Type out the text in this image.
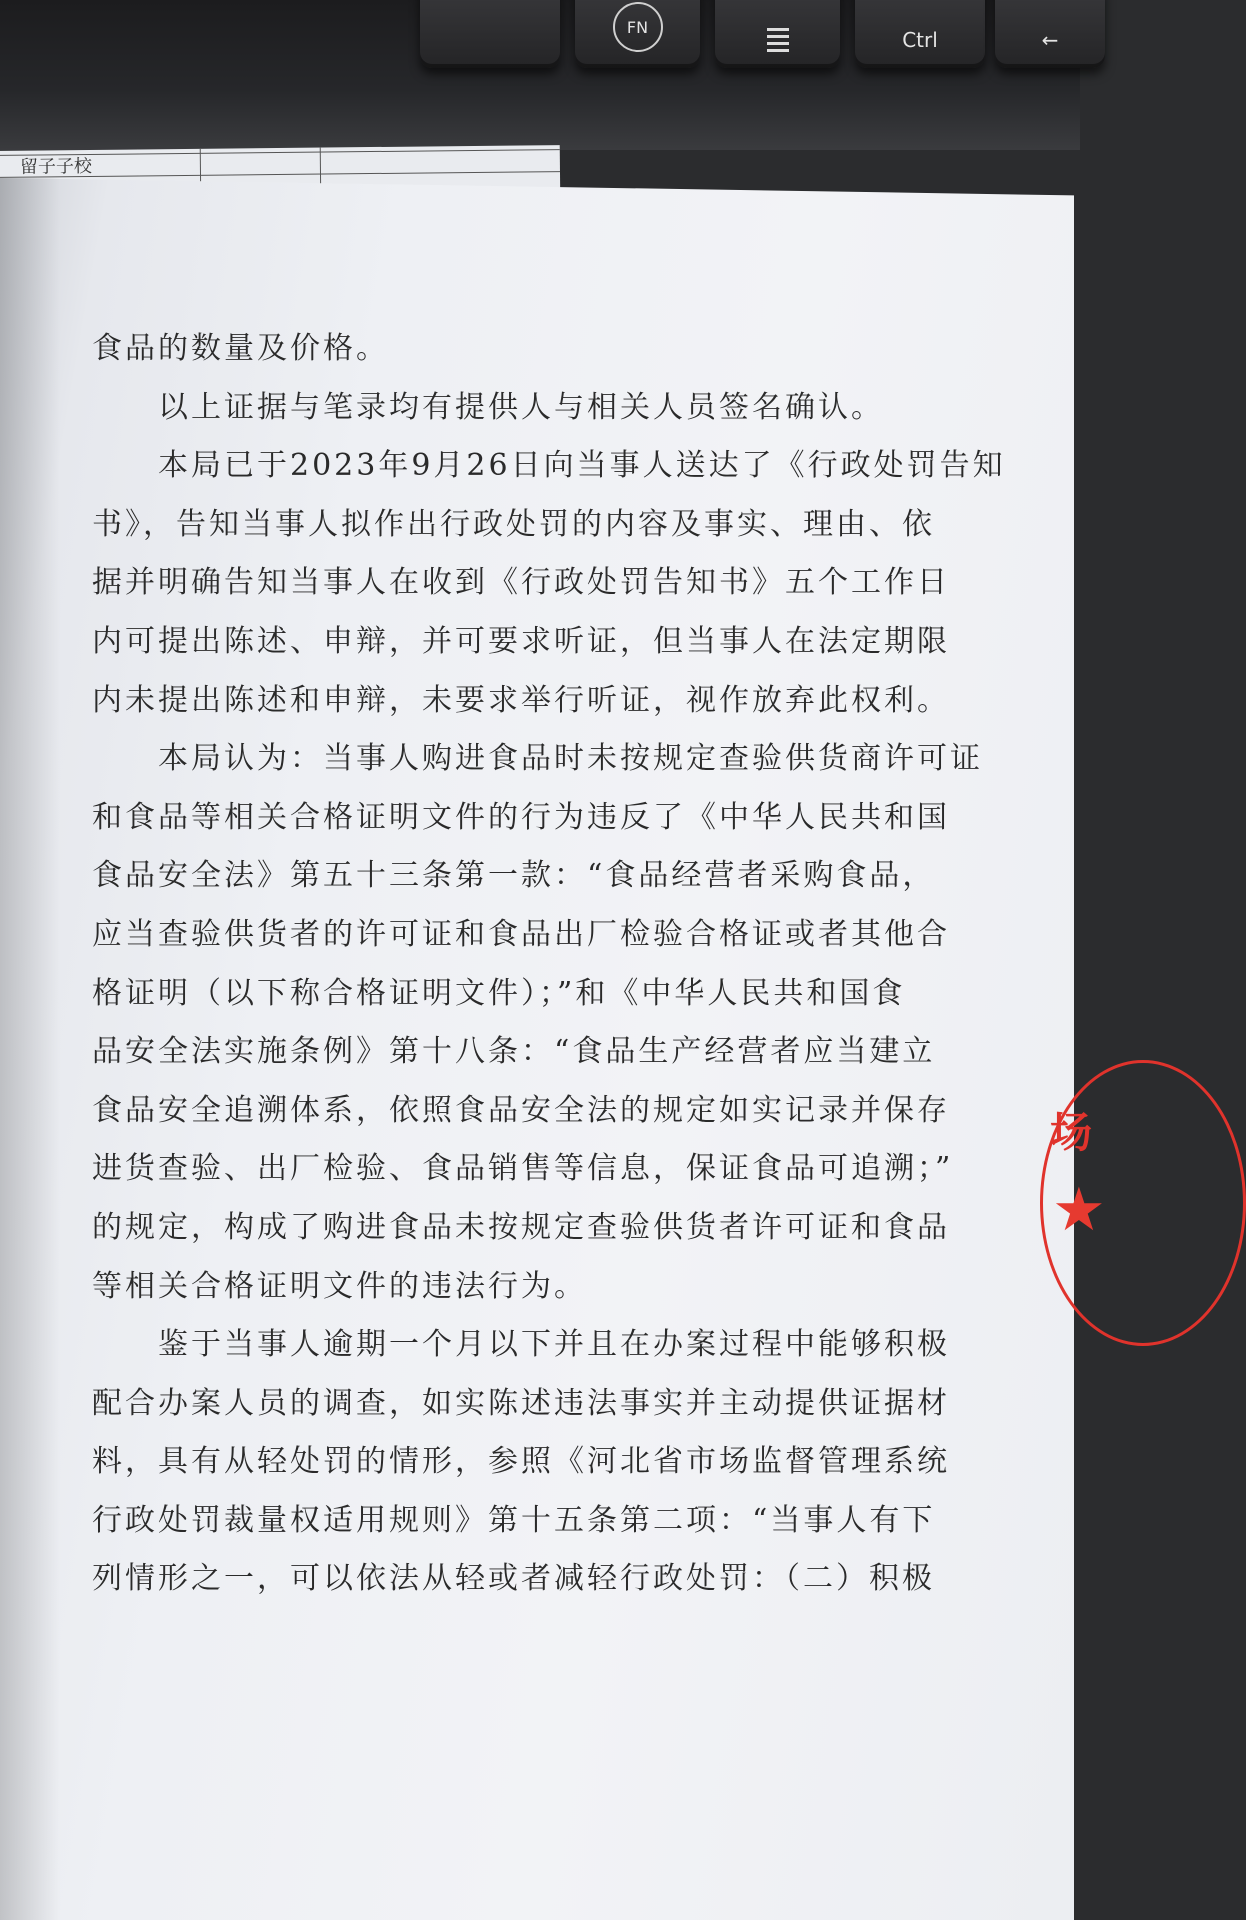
FN
Ctrl	←
留子子校
场
★
食品的数量及价格。
　　以上证据与笔录均有提供人与相关人员签名确认。
　　本局已于2023年9月26日向当事人送达了《行政处罚告知
书》，告知当事人拟作出行政处罚的内容及事实、理由、依
据并明确告知当事人在收到《行政处罚告知书》五个工作日
内可提出陈述、申辩，并可要求听证，但当事人在法定期限
内未提出陈述和申辩，未要求举行听证，视作放弃此权利。
　　本局认为：当事人购进食品时未按规定查验供货商许可证
和食品等相关合格证明文件的行为违反了《中华人民共和国
食品安全法》第五十三条第一款：“食品经营者采购食品，
应当查验供货者的许可证和食品出厂检验合格证或者其他合
格证明（以下称合格证明文件）；”和《中华人民共和国食
品安全法实施条例》第十八条：“食品生产经营者应当建立
食品安全追溯体系，依照食品安全法的规定如实记录并保存
进货查验、出厂检验、食品销售等信息，保证食品可追溯；”
的规定，构成了购进食品未按规定查验供货者许可证和食品
等相关合格证明文件的违法行为。
　　鉴于当事人逾期一个月以下并且在办案过程中能够积极
配合办案人员的调查，如实陈述违法事实并主动提供证据材
料，具有从轻处罚的情形，参照《河北省市场监督管理系统
行政处罚裁量权适用规则》第十五条第二项：“当事人有下
列情形之一，可以依法从轻或者减轻行政处罚：（二）积极
